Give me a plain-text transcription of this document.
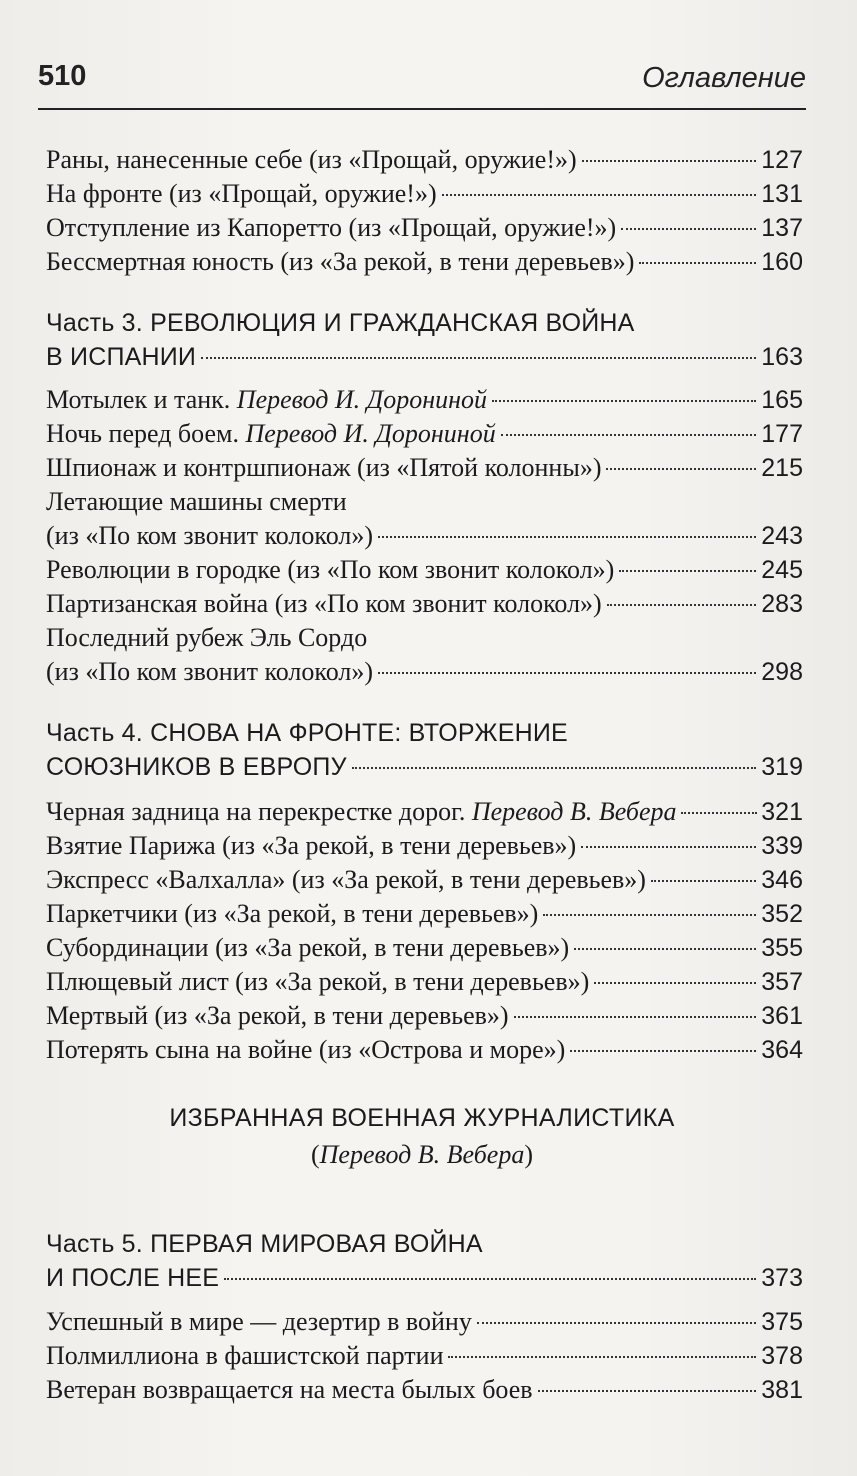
510	Оглавление
Раны, нанесенные себе (из «Прощай, оружие!»)	127
На фронте (из «Прощай, оружие!»)	131
Отступление из Капоретто (из «Прощай, оружие!»)	137
Бессмертная юность (из «За рекой, в тени деревьев»)	160
Часть 3. РЕВОЛЮЦИЯ И ГРАЖДАНСКАЯ ВОЙНА
В ИСПАНИИ	163
Мотылек и танк. Перевод И. Дорониной	165
Ночь перед боем. Перевод И. Дорониной	177
Шпионаж и контршпионаж (из «Пятой колонны»)	215
Летающие машины смерти
(из «По ком звонит колокол»)	243
Революции в городке (из «По ком звонит колокол»)	245
Партизанская война (из «По ком звонит колокол»)	283
Последний рубеж Эль Сордо
(из «По ком звонит колокол»)	298
Часть 4. СНОВА НА ФРОНТЕ: ВТОРЖЕНИЕ
СОЮЗНИКОВ В ЕВРОПУ	319
Черная задница на перекрестке дорог. Перевод В. Вебера	321
Взятие Парижа (из «За рекой, в тени деревьев»)	339
Экспресс «Валхалла» (из «За рекой, в тени деревьев»)	346
Паркетчики (из «За рекой, в тени деревьев»)	352
Субординации (из «За рекой, в тени деревьев»)	355
Плющевый лист (из «За рекой, в тени деревьев»)	357
Мертвый (из «За рекой, в тени деревьев»)	361
Потерять сына на войне (из «Острова и море»)	364
ИЗБРАННАЯ ВОЕННАЯ ЖУРНАЛИСТИКА
(Перевод В. Вебера)
Часть 5. ПЕРВАЯ МИРОВАЯ ВОЙНА
И ПОСЛЕ НЕЕ	373
Успешный в мире — дезертир в войну	375
Полмиллиона в фашистской партии	378
Ветеран возвращается на места былых боев	381
